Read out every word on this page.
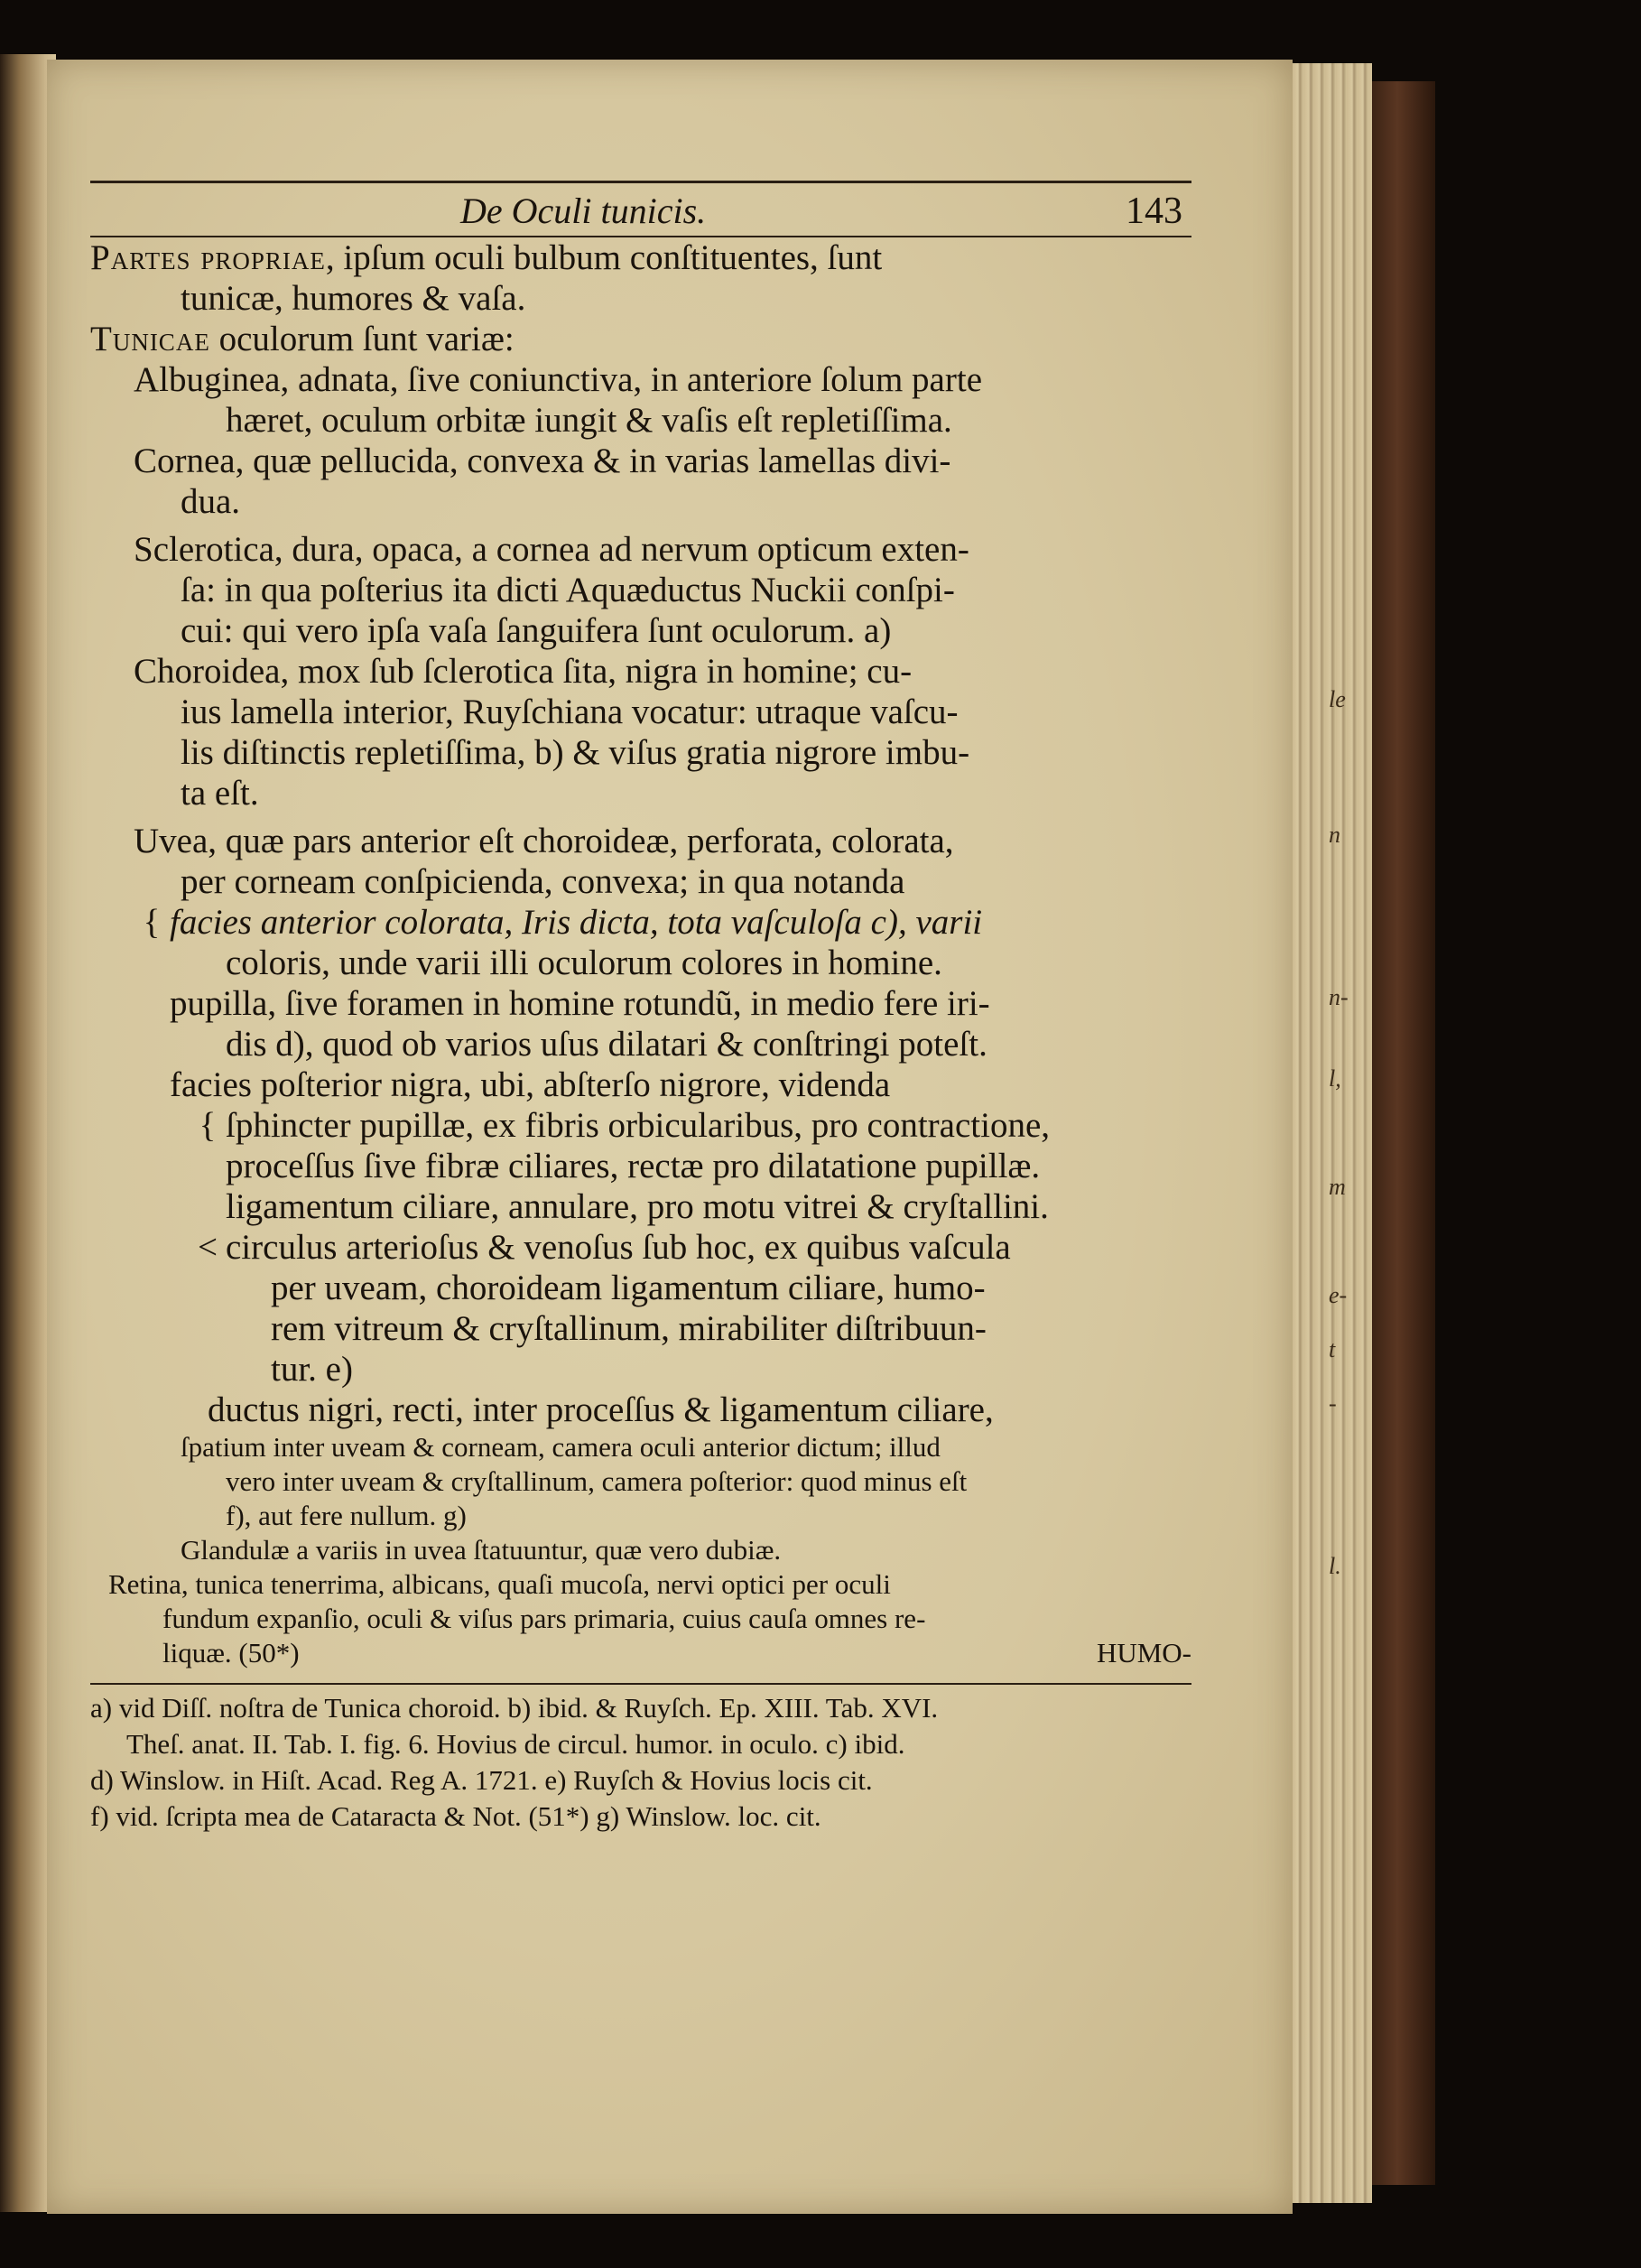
le
n
n-
l,
m
e-
t
-
l.
De Oculi tunicis.	143

Partes propriae, ipſum oculi bulbum conſtituentes, ſunt

tunicæ, humores & vaſa.

Tunicae oculorum ſunt variæ:

Albuginea, adnata, ſive coniunctiva, in anteriore ſolum parte

hæret, oculum orbitæ iungit & vaſis eſt repletiſſima.

Cornea, quæ pellucida, convexa & in varias lamellas divi-

dua.

Sclerotica, dura, opaca, a cornea ad nervum opticum exten-

ſa: in qua poſterius ita dicti Aquæductus Nuckii conſpi-

cui: qui vero ipſa vaſa ſanguifera ſunt oculorum. a)

Choroidea, mox ſub ſclerotica ſita, nigra in homine; cu-

ius lamella interior, Ruyſchiana vocatur: utraque vaſcu-

lis diſtinctis repletiſſima, b) & viſus gratia nigrore imbu-

ta eſt.

Uvea, quæ pars anterior eſt choroideæ, perforata, colorata,

per corneam conſpicienda, convexa; in qua notanda

{ facies anterior colorata, Iris dicta, tota vaſculoſa c), varii

coloris, unde varii illi oculorum colores in homine.

pupilla, ſive foramen in homine rotundũ, in medio fere iri-

dis d), quod ob varios uſus dilatari & conſtringi poteſt.

facies poſterior nigra, ubi, abſterſo nigrore, videnda

{ ſphincter pupillæ, ex fibris orbicularibus, pro contractione,

proceſſus ſive fibræ ciliares, rectæ pro dilatatione pupillæ.

ligamentum ciliare, annulare, pro motu vitrei & cryſtallini.

< circulus arterioſus & venoſus ſub hoc, ex quibus vaſcula

per uveam, choroideam ligamentum ciliare, humo-

rem vitreum & cryſtallinum, mirabiliter diſtribuun-

tur. e)

ductus nigri, recti, inter proceſſus & ligamentum ciliare,

ſpatium inter uveam & corneam, camera oculi anterior dictum; illud

vero inter uveam & cryſtallinum, camera poſterior: quod minus eſt

f), aut fere nullum. g)

Glandulæ a variis in uvea ſtatuuntur, quæ vero dubiæ.

Retina, tunica tenerrima, albicans, quaſi mucoſa, nervi optici per oculi

fundum expanſio, oculi & viſus pars primaria, cuius cauſa omnes re-

liquæ. (50*)	HUMO-

a) vid Diſſ. noſtra de Tunica choroid. b) ibid. & Ruyſch. Ep. XIII. Tab. XVI.

Theſ. anat. II. Tab. I. fig. 6. Hovius de circul. humor. in oculo. c) ibid.

d) Winslow. in Hiſt. Acad. Reg A. 1721. e) Ruyſch & Hovius locis cit.

f) vid. ſcripta mea de Cataracta & Not. (51*) g) Winslow. loc. cit.
